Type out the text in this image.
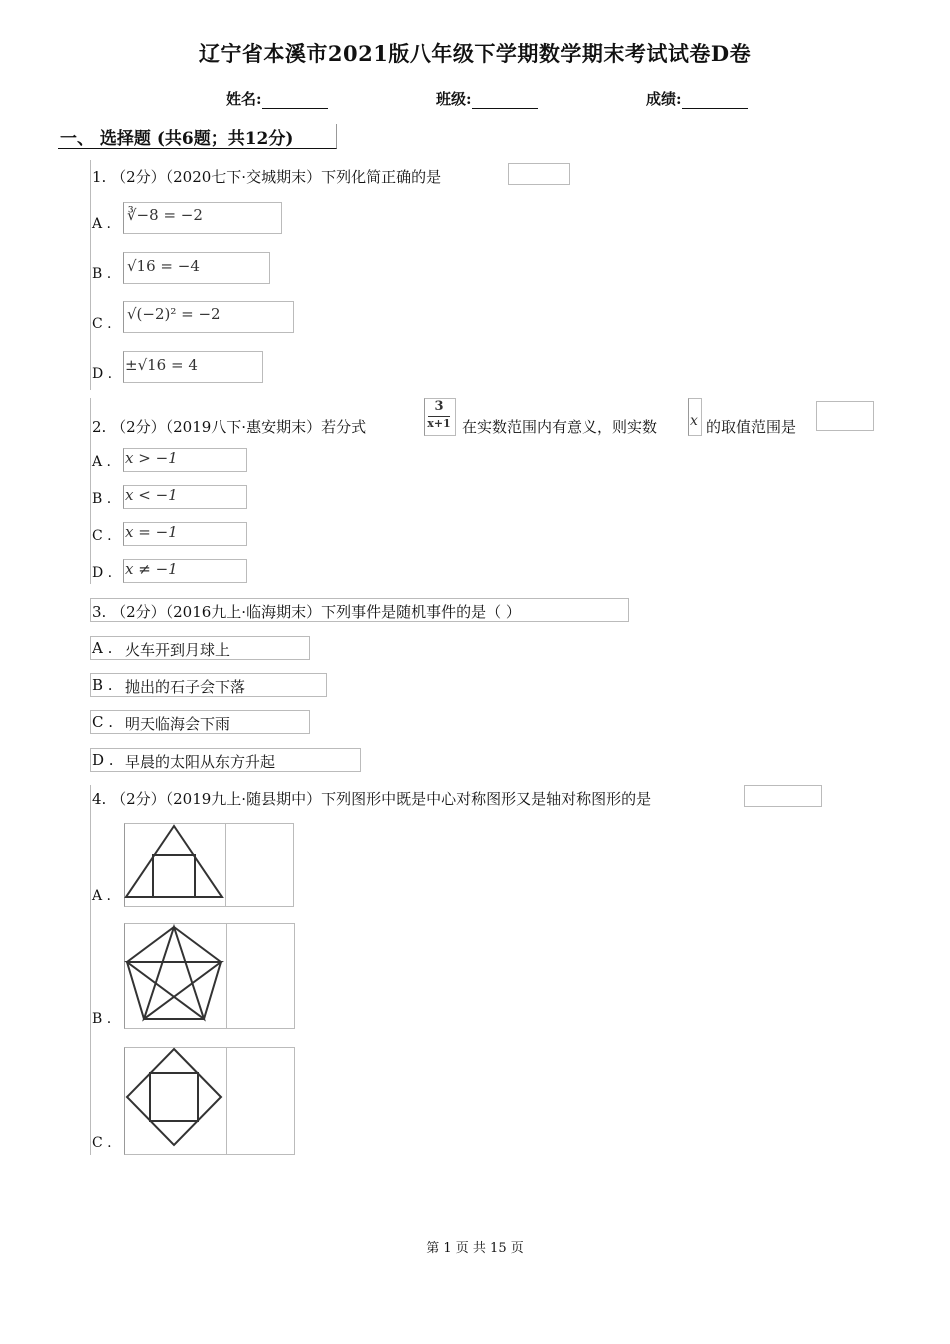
辽宁省本溪市2021版八年级下学期数学期末考试试卷D卷
姓名:	班级:	成绩:
一、 选择题 (共6题；共12分)
1. （2分）（2020七下·交城期末）下列化简正确的是
A . ∛−8 = −2
B . √16 = −4
C .
√(−2)² = −2
D . ±√16 = 4
2. （2分）（2019八下·惠安期末）若分式
3
x+1 在实数范围内有意义，则实数 x 的取值范围是
A . x > −1
B . x < −1
C . x = −1
D . x ≠ −1
3. （2分）（2016九上·临海期末）下列事件是随机事件的是（ ）
A . 火车开到月球上
B . 抛出的石子会下落
C . 明天临海会下雨
D . 早晨的太阳从东方升起
4. （2分）（2019九上·随县期中）下列图形中既是中心对称图形又是轴对称图形的是
A .
B .
C .
第 1 页 共 15 页
